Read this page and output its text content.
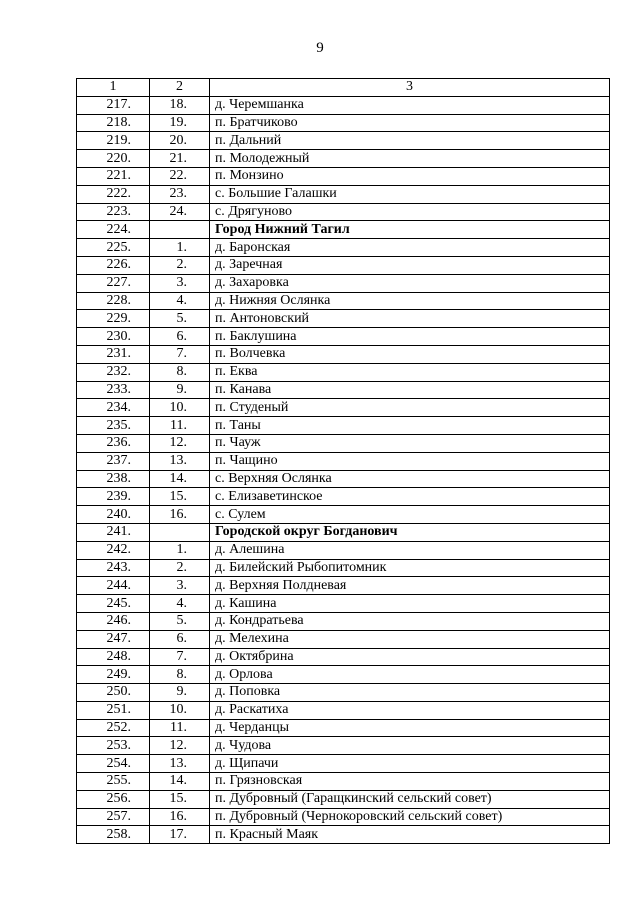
9
1	2	3
217.	18.	д. Черемшанка
218.	19.	п. Братчиково
219.	20.	п. Дальний
220.	21.	п. Молодежный
221.	22.	п. Монзино
222.	23.	с. Большие Галашки
223.	24.	с. Дрягуново
224.		Город Нижний Тагил
225.	1.	д. Баронская
226.	2.	д. Заречная
227.	3.	д. Захаровка
228.	4.	д. Нижняя Ослянка
229.	5.	п. Антоновский
230.	6.	п. Баклушина
231.	7.	п. Волчевка
232.	8.	п. Еква
233.	9.	п. Канава
234.	10.	п. Студеный
235.	11.	п. Таны
236.	12.	п. Чауж
237.	13.	п. Чащино
238.	14.	с. Верхняя Ослянка
239.	15.	с. Елизаветинское
240.	16.	с. Сулем
241.		Городской округ Богданович
242.	1.	д. Алешина
243.	2.	д. Билейский Рыбопитомник
244.	3.	д. Верхняя Полдневая
245.	4.	д. Кашина
246.	5.	д. Кондратьева
247.	6.	д. Мелехина
248.	7.	д. Октябрина
249.	8.	д. Орлова
250.	9.	д. Поповка
251.	10.	д. Раскатиха
252.	11.	д. Черданцы
253.	12.	д. Чудова
254.	13.	д. Щипачи
255.	14.	п. Грязновская
256.	15.	п. Дубровный (Гаращкинский сельский совет)
257.	16.	п. Дубровный (Чернокоровский сельский совет)
258.	17.	п. Красный Маяк
